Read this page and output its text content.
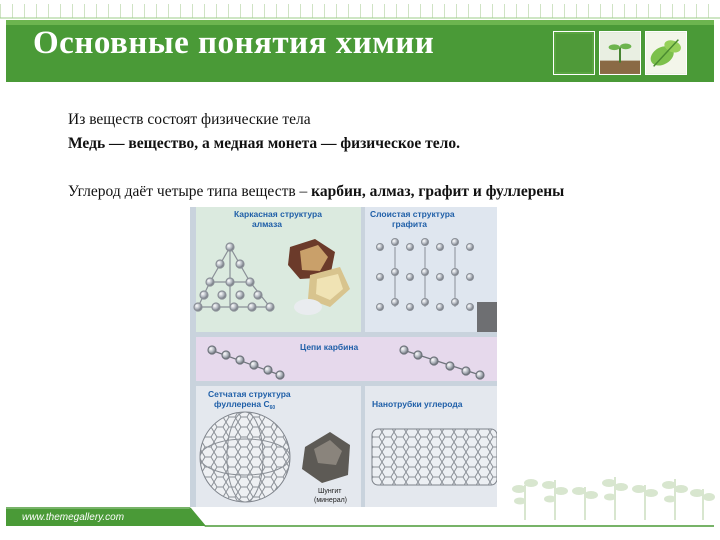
Основные понятия химии

Из веществ состоят физические тела

Медь — вещество, а медная монета — физическое тело.

Углерод даёт четыре типа веществ – карбин, алмаз, графит и фуллерены

Каркасная структура
алмаза
Слоистая структура
графита
Цепи карбина
Сетчатая структура
фуллерена $С_{60}$	Нанотрубки углерода
Шунгит
(минерал)
www.themegallery.com
